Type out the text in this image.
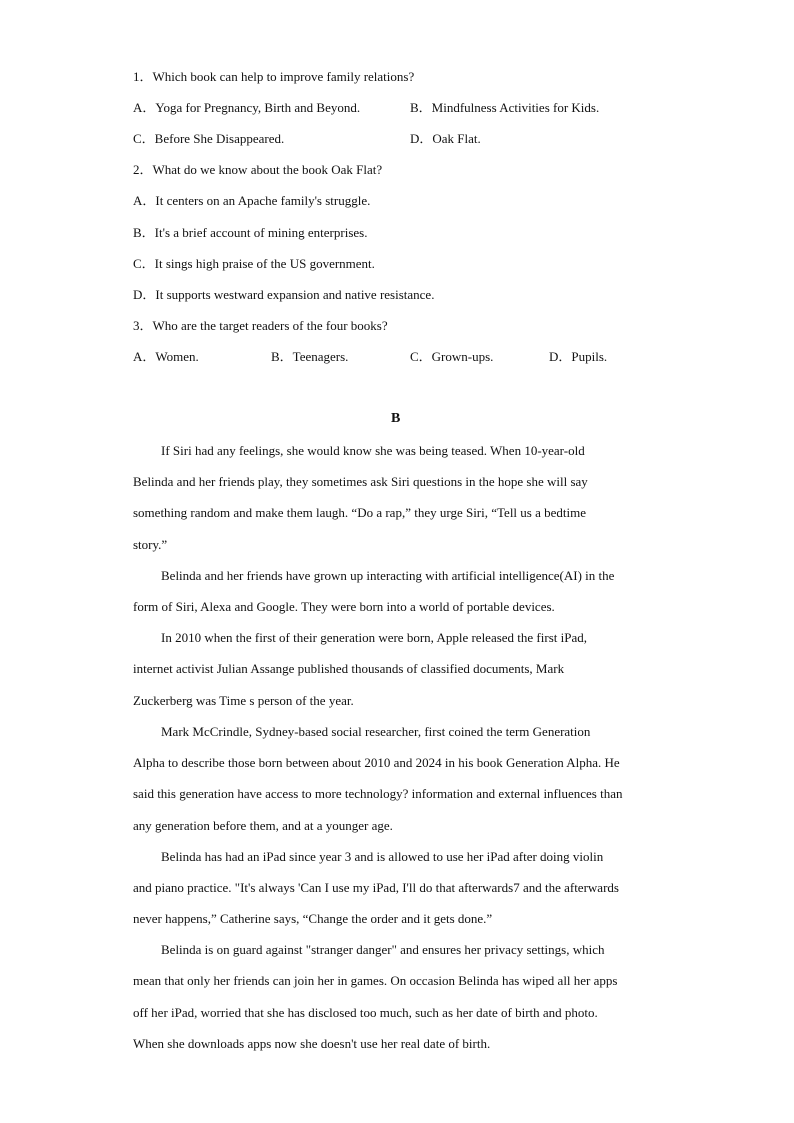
1．Which book can help to improve family relations?
A．Yoga for Pregnancy, Birth and Beyond.	B．Mindfulness Activities for Kids.
C．Before She Disappeared.	D．Oak Flat.
2．What do we know about the book Oak Flat?
A．It centers on an Apache family's struggle.
B．It's a brief account of mining enterprises.
C．It sings high praise of the US government.
D．It supports westward expansion and native resistance.
3．Who are the target readers of the four books?
A．Women.	B．Teenagers.	C．Grown-ups.	D．Pupils.
B
If Siri had any feelings, she would know she was being teased. When 10-year-old
Belinda and her friends play, they sometimes ask Siri questions in the hope she will say
something random and make them laugh. “Do a rap,” they urge Siri, “Tell us a bedtime
story.”
Belinda and her friends have grown up interacting with artificial intelligence(AI) in the
form of Siri, Alexa and Google. They were born into a world of portable devices.
In 2010 when the first of their generation were born, Apple released the first iPad,
internet activist Julian Assange published thousands of classified documents, Mark
Zuckerberg was Time s person of the year.
Mark McCrindle, Sydney-based social researcher, first coined the term Generation
Alpha to describe those born between about 2010 and 2024 in his book Generation Alpha. He
said this generation have access to more technology? information and external influences than
any generation before them, and at a younger age.
Belinda has had an iPad since year 3 and is allowed to use her iPad after doing violin
and piano practice. "It's always 'Can I use my iPad, I'll do that afterwards7 and the afterwards
never happens,” Catherine says, “Change the order and it gets done.”
Belinda is on guard against "stranger danger" and ensures her privacy settings, which
mean that only her friends can join her in games. On occasion Belinda has wiped all her apps
off her iPad, worried that she has disclosed too much, such as her date of birth and photo.
When she downloads apps now she doesn't use her real date of birth.
